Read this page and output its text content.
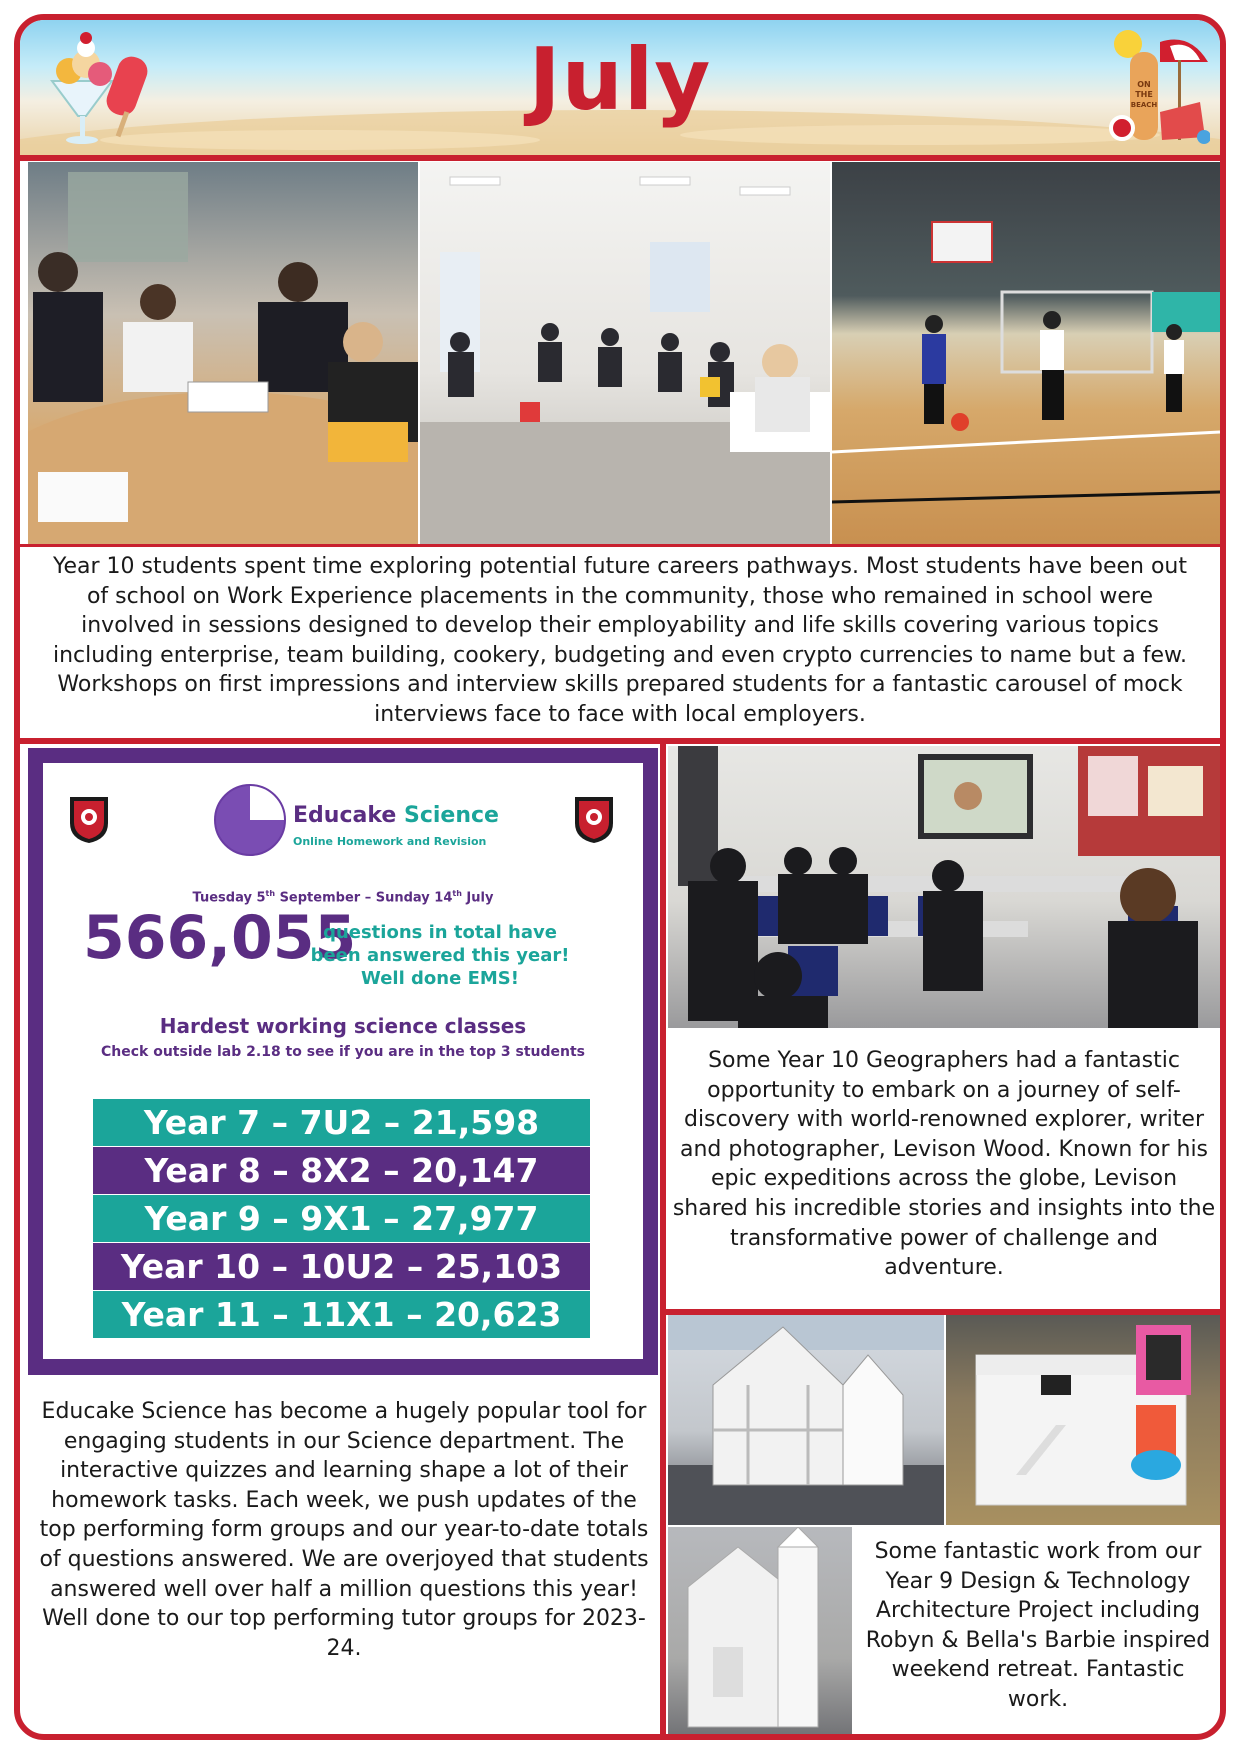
ON
THE
BEACH
July
Year 10 students spent time exploring potential future careers pathways. Most students have been out of school on Work Experience placements in the community, those who remained in school were involved in sessions designed to develop their employability and life skills covering various topics including enterprise, team building, cookery, budgeting and even crypto currencies to name but a few. Workshops on first impressions and interview skills prepared students for a fantastic carousel of mock interviews face to face with local employers.
Educake Science
Online Homework and Revision
Tuesday 5th September – Sunday 14th July
566,055
questions in total have been answered this year! Well done EMS!
Hardest working science classes
Check outside lab 2.18 to see if you are in the top 3 students
Year 7 – 7U2 – 21,598
Year 8 – 8X2 – 20,147
Year 9 – 9X1 – 27,977
Year 10 – 10U2 – 25,103
Year 11 – 11X1 – 20,623
Educake Science has become a hugely popular tool for engaging students in our Science department. The interactive quizzes and learning shape a lot of their homework tasks. Each week, we push updates of the top performing form groups and our year-to-date totals of questions answered. We are overjoyed that students answered well over half a million questions this year! Well done to our top performing tutor groups for 2023-24.
Some Year 10 Geographers had a fantastic opportunity to embark on a journey of self-discovery with world-renowned explorer, writer and photographer, Levison Wood. Known for his epic expeditions across the globe, Levison shared his incredible stories and insights into the transformative power of challenge and adventure.
Some fantastic work from our Year 9 Design & Technology Architecture Project including Robyn & Bella's Barbie inspired weekend retreat. Fantastic work.
